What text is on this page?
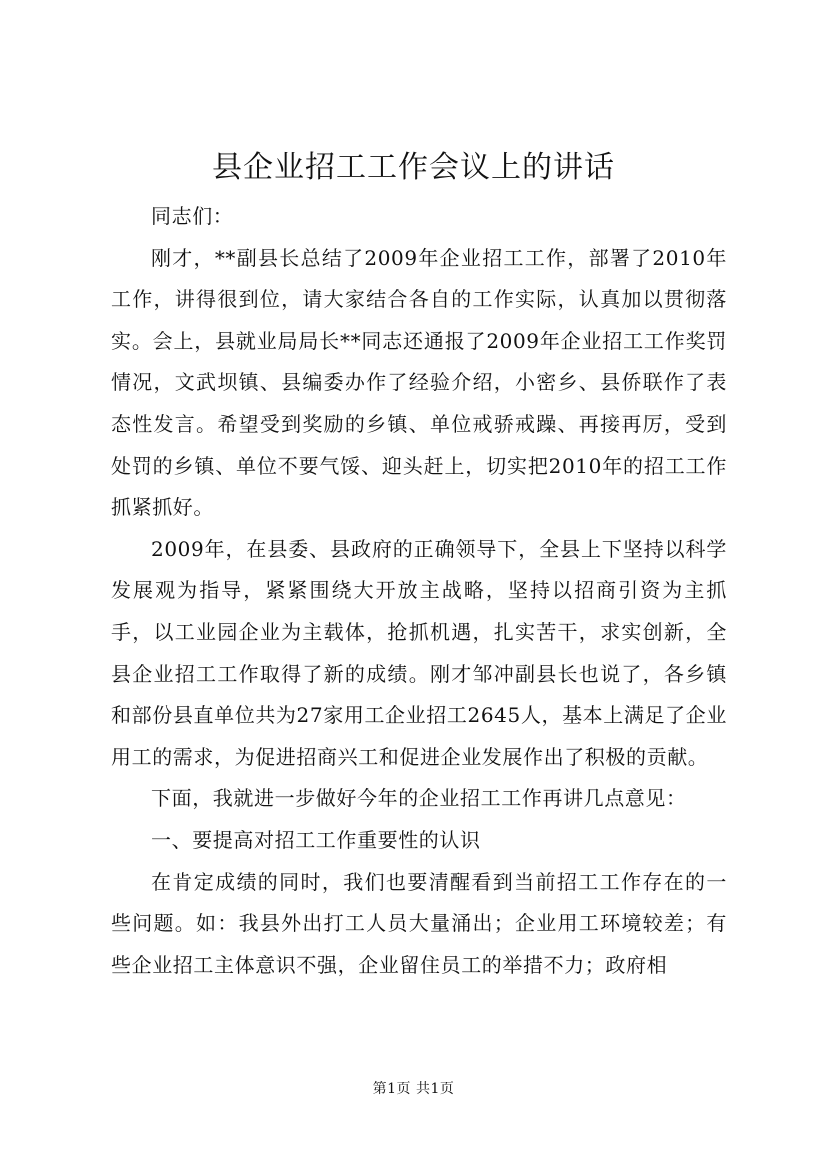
县企业招工工作会议上的讲话

同志们：

刚才，**副县长总结了2009年企业招工工作，部署了2010年工作，讲得很到位，请大家结合各自的工作实际，认真加以贯彻落实。会上，县就业局局长**同志还通报了2009年企业招工工作奖罚情况，文武坝镇、县编委办作了经验介绍，小密乡、县侨联作了表态性发言。希望受到奖励的乡镇、单位戒骄戒躁、再接再厉，受到处罚的乡镇、单位不要气馁、迎头赶上，切实把2010年的招工工作抓紧抓好。

2009年，在县委、县政府的正确领导下，全县上下坚持以科学发展观为指导，紧紧围绕大开放主战略，坚持以招商引资为主抓手，以工业园企业为主载体，抢抓机遇，扎实苦干，求实创新，全县企业招工工作取得了新的成绩。刚才邹冲副县长也说了，各乡镇和部份县直单位共为27家用工企业招工2645人，基本上满足了企业用工的需求，为促进招商兴工和促进企业发展作出了积极的贡献。

下面，我就进一步做好今年的企业招工工作再讲几点意见：

一、要提高对招工工作重要性的认识

在肯定成绩的同时，我们也要清醒看到当前招工工作存在的一些问题。如：我县外出打工人员大量涌出；企业用工环境较差；有些企业招工主体意识不强，企业留住员工的举措不力；政府相

第1页 共1页
